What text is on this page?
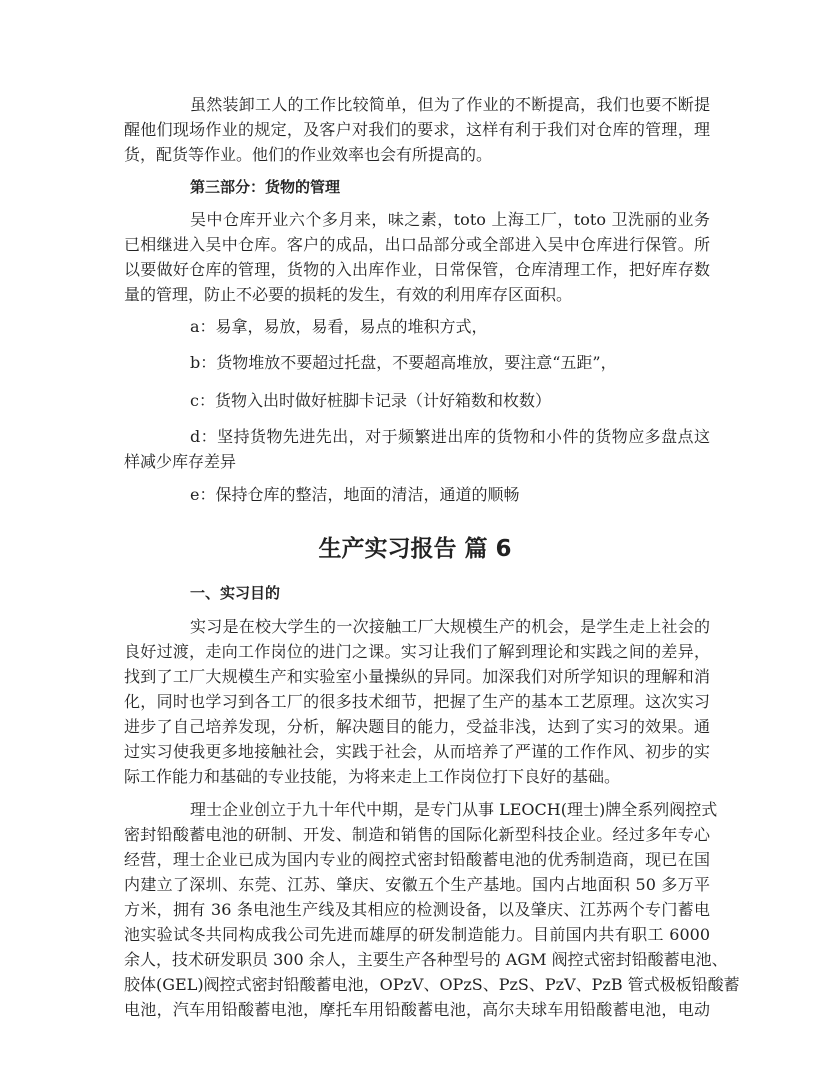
虽然装卸工人的工作比较简单，但为了作业的不断提高，我们也要不断提
醒他们现场作业的规定，及客户对我们的要求，这样有利于我们对仓库的管理，理
货，配货等作业。他们的作业效率也会有所提高的。
第三部分：货物的管理
吴中仓库开业六个多月来，味之素，toto 上海工厂，toto 卫洗丽的业务
已相继进入吴中仓库。客户的成品，出口品部分或全部进入吴中仓库进行保管。所
以要做好仓库的管理，货物的入出库作业，日常保管，仓库清理工作，把好库存数
量的管理，防止不必要的损耗的发生，有效的利用库存区面积。
a：易拿，易放，易看，易点的堆积方式，
b：货物堆放不要超过托盘，不要超高堆放，要注意“五距”，
c：货物入出时做好桩脚卡记录（计好箱数和枚数）
d：坚持货物先进先出，对于频繁进出库的货物和小件的货物应多盘点这
样减少库存差异
e：保持仓库的整洁，地面的清洁，通道的顺畅
生产实习报告 篇 6
一、实习目的
实习是在校大学生的一次接触工厂大规模生产的机会，是学生走上社会的
良好过渡，走向工作岗位的进门之课。实习让我们了解到理论和实践之间的差异，
找到了工厂大规模生产和实验室小量操纵的异同。加深我们对所学知识的理解和消
化，同时也学习到各工厂的很多技术细节，把握了生产的基本工艺原理。这次实习
进步了自己培养发现，分析，解决题目的能力，受益非浅，达到了实习的效果。通
过实习使我更多地接触社会，实践于社会，从而培养了严谨的工作作风、初步的实
际工作能力和基础的专业技能，为将来走上工作岗位打下良好的基础。
理士企业创立于九十年代中期，是专门从事 LEOCH(理士)牌全系列阀控式
密封铅酸蓄电池的研制、开发、制造和销售的国际化新型科技企业。经过多年专心
经营，理士企业已成为国内专业的阀控式密封铅酸蓄电池的优秀制造商，现已在国
内建立了深圳、东莞、江苏、肇庆、安徽五个生产基地。国内占地面积 50 多万平
方米，拥有 36 条电池生产线及其相应的检测设备，以及肇庆、江苏两个专门蓄电
池实验试冬共同构成我公司先进而雄厚的研发制造能力。目前国内共有职工 6000
余人，技术研发职员 300 余人，主要生产各种型号的 AGM 阀控式密封铅酸蓄电池、
胶体(GEL)阀控式密封铅酸蓄电池，OPzV、OPzS、PzS、PzV、PzB 管式极板铅酸蓄
电池，汽车用铅酸蓄电池，摩托车用铅酸蓄电池，高尔夫球车用铅酸蓄电池，电动
